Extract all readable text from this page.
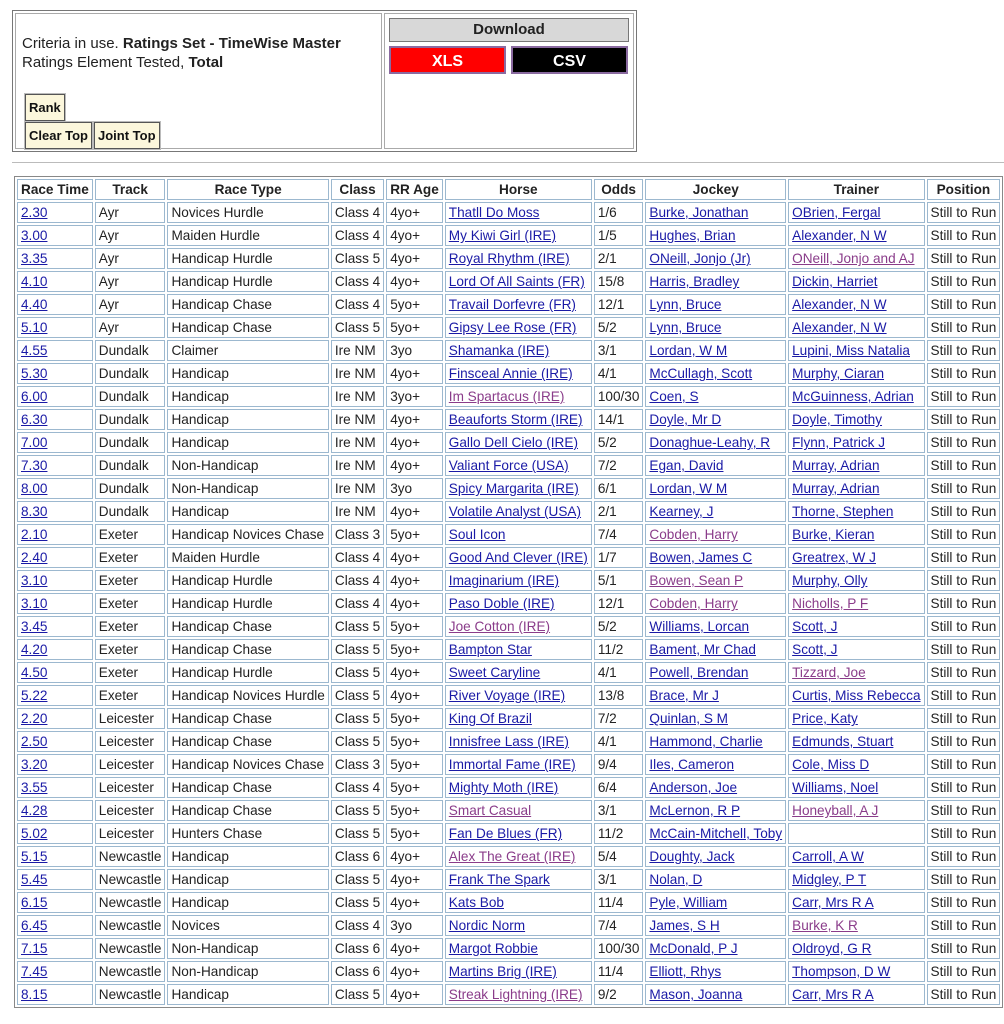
Criteria in use. Ratings Set - TimeWise Master
Ratings Element Tested, Total
Rank
Clear Top Joint Top
Download
XLS	CSV
Race Time	Track	Race Type	Class	RR Age	Horse	Odds	Jockey	Trainer	Position
2.30	Ayr	Novices Hurdle	Class 4	4yo+	Thatll Do Moss	1/6	Burke, Jonathan	OBrien, Fergal	Still to Run
3.00	Ayr	Maiden Hurdle	Class 4	4yo+	My Kiwi Girl (IRE)	1/5	Hughes, Brian	Alexander, N W	Still to Run
3.35	Ayr	Handicap Hurdle	Class 5	4yo+	Royal Rhythm (IRE)	2/1	ONeill, Jonjo (Jr)	ONeill, Jonjo and AJ	Still to Run
4.10	Ayr	Handicap Hurdle	Class 4	4yo+	Lord Of All Saints (FR)	15/8	Harris, Bradley	Dickin, Harriet	Still to Run
4.40	Ayr	Handicap Chase	Class 4	5yo+	Travail Dorfevre (FR)	12/1	Lynn, Bruce	Alexander, N W	Still to Run
5.10	Ayr	Handicap Chase	Class 5	5yo+	Gipsy Lee Rose (FR)	5/2	Lynn, Bruce	Alexander, N W	Still to Run
4.55	Dundalk	Claimer	Ire NM	3yo	Shamanka (IRE)	3/1	Lordan, W M	Lupini, Miss Natalia	Still to Run
5.30	Dundalk	Handicap	Ire NM	4yo+	Finsceal Annie (IRE)	4/1	McCullagh, Scott	Murphy, Ciaran	Still to Run
6.00	Dundalk	Handicap	Ire NM	3yo+	Im Spartacus (IRE)	100/30	Coen, S	McGuinness, Adrian	Still to Run
6.30	Dundalk	Handicap	Ire NM	4yo+	Beauforts Storm (IRE)	14/1	Doyle, Mr D	Doyle, Timothy	Still to Run
7.00	Dundalk	Handicap	Ire NM	4yo+	Gallo Dell Cielo (IRE)	5/2	Donaghue-Leahy, R	Flynn, Patrick J	Still to Run
7.30	Dundalk	Non-Handicap	Ire NM	4yo+	Valiant Force (USA)	7/2	Egan, David	Murray, Adrian	Still to Run
8.00	Dundalk	Non-Handicap	Ire NM	3yo	Spicy Margarita (IRE)	6/1	Lordan, W M	Murray, Adrian	Still to Run
8.30	Dundalk	Handicap	Ire NM	4yo+	Volatile Analyst (USA)	2/1	Kearney, J	Thorne, Stephen	Still to Run
2.10	Exeter	Handicap Novices Chase	Class 3	5yo+	Soul Icon	7/4	Cobden, Harry	Burke, Kieran	Still to Run
2.40	Exeter	Maiden Hurdle	Class 4	4yo+	Good And Clever (IRE)	1/7	Bowen, James C	Greatrex, W J	Still to Run
3.10	Exeter	Handicap Hurdle	Class 4	4yo+	Imaginarium (IRE)	5/1	Bowen, Sean P	Murphy, Olly	Still to Run
3.10	Exeter	Handicap Hurdle	Class 4	4yo+	Paso Doble (IRE)	12/1	Cobden, Harry	Nicholls, P F	Still to Run
3.45	Exeter	Handicap Chase	Class 5	5yo+	Joe Cotton (IRE)	5/2	Williams, Lorcan	Scott, J	Still to Run
4.20	Exeter	Handicap Chase	Class 5	5yo+	Bampton Star	11/2	Bament, Mr Chad	Scott, J	Still to Run
4.50	Exeter	Handicap Hurdle	Class 5	4yo+	Sweet Caryline	4/1	Powell, Brendan	Tizzard, Joe	Still to Run
5.22	Exeter	Handicap Novices Hurdle	Class 5	4yo+	River Voyage (IRE)	13/8	Brace, Mr J	Curtis, Miss Rebecca	Still to Run
2.20	Leicester	Handicap Chase	Class 5	5yo+	King Of Brazil	7/2	Quinlan, S M	Price, Katy	Still to Run
2.50	Leicester	Handicap Chase	Class 5	5yo+	Innisfree Lass (IRE)	4/1	Hammond, Charlie	Edmunds, Stuart	Still to Run
3.20	Leicester	Handicap Novices Chase	Class 3	5yo+	Immortal Fame (IRE)	9/4	Iles, Cameron	Cole, Miss D	Still to Run
3.55	Leicester	Handicap Chase	Class 4	5yo+	Mighty Moth (IRE)	6/4	Anderson, Joe	Williams, Noel	Still to Run
4.28	Leicester	Handicap Chase	Class 5	5yo+	Smart Casual	3/1	McLernon, R P	Honeyball, A J	Still to Run
5.02	Leicester	Hunters Chase	Class 5	5yo+	Fan De Blues (FR)	11/2	McCain-Mitchell, Toby		Still to Run
5.15	Newcastle	Handicap	Class 6	4yo+	Alex The Great (IRE)	5/4	Doughty, Jack	Carroll, A W	Still to Run
5.45	Newcastle	Handicap	Class 5	4yo+	Frank The Spark	3/1	Nolan, D	Midgley, P T	Still to Run
6.15	Newcastle	Handicap	Class 5	4yo+	Kats Bob	11/4	Pyle, William	Carr, Mrs R A	Still to Run
6.45	Newcastle	Novices	Class 4	3yo	Nordic Norm	7/4	James, S H	Burke, K R	Still to Run
7.15	Newcastle	Non-Handicap	Class 6	4yo+	Margot Robbie	100/30	McDonald, P J	Oldroyd, G R	Still to Run
7.45	Newcastle	Non-Handicap	Class 6	4yo+	Martins Brig (IRE)	11/4	Elliott, Rhys	Thompson, D W	Still to Run
8.15	Newcastle	Handicap	Class 5	4yo+	Streak Lightning (IRE)	9/2	Mason, Joanna	Carr, Mrs R A	Still to Run
